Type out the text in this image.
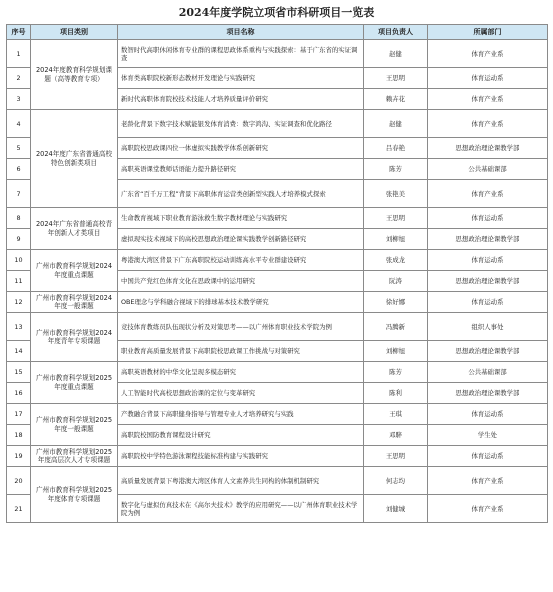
2024年度学院立项省市科研项目一览表
序号	项目类别	项目名称	项目负责人	所属部门
1	2024年度教育科学规划课题（高等教育专项）	数智时代高职休闲体育专业群的课程思政体系重构与实践探索：基于广东省的实证调查	赵健	体育产业系
2		体育类高职院校新形态教材开发理论与实践研究	王思明	体育运动系
3		新时代高职体育院校技术技能人才培养质量评价研究	赖卉花	体育产业系
4	2024年度广东省普通高校特色创新类项目	老龄化背景下数字技术赋能银发体育消费：数字鸿沟、实证调查和优化路径	赵健	体育产业系
5		高职院校思政课四位一体虚拟实践教学体系创新研究	吕春艳	思想政治理论课教学部
6		高职英语课堂教师话语能力提升路径研究	陈芳	公共基础课部
7		广东省“百千万工程”背景下高职体育运营类创新型实践人才培养模式探索	张艳美	体育产业系
8	2024年广东省普通高校青年创新人才类项目	生命教育视域下职业教育游泳救生数字教材理论与实践研究	王思明	体育运动系
9		虚拟现实技术视域下的高校思想政治理论课实践教学创新路径研究	刘柳旭	思想政治理论课教学部
10	广州市教育科学规划2024年度重点课题	粤港澳大湾区背景下广东高职院校运动训练高水平专业群建设研究	张成龙	体育运动系
11		中国共产党红色体育文化在思政课中的运用研究	阮涛	思想政治理论课教学部
12	广州市教育科学规划2024年度一般课题	OBE理念与学科融合视域下的排球基本技术教学研究	徐好娜	体育运动系
13	广州市教育科学规划2024年度青年专项课题	竞技体育教练员队伍现状分析及对策思考——以广州体育职业技术学院为例	冯腾新	组织人事处
14		职业教育高质量发展背景下高职院校思政课工作挑战与对策研究	刘柳旭	思想政治理论课教学部
15	广州市教育科学规划2025年度重点课题	高职英语教材的中华文化呈现多模态研究	陈芳	公共基础课部
16		人工智能时代高校思想政治课的定位与变革研究	陈利	思想政治理论课教学部
17	广州市教育科学规划2025年度一般课题	产教融合背景下高职健身指导与管理专业人才培养研究与实践	王琪	体育运动系
18		高职院校国防教育课程设计研究	邓騂	学生处
19	广州市教育科学规划2025年度高层次人才专项课题	高职院校中学特色游泳课程技能标准构建与实践研究	王思明	体育运动系
20	广州市教育科学规划2025年度体育专项课题	高质量发展背景下粤港澳大湾区体育人文素养共生同构的体制机制研究	何志均	体育产业系
21		数字化与虚拟仿真技术在《高尔夫技术》教学的应用研究——以广州体育职业技术学院为例	刘健城	体育产业系
